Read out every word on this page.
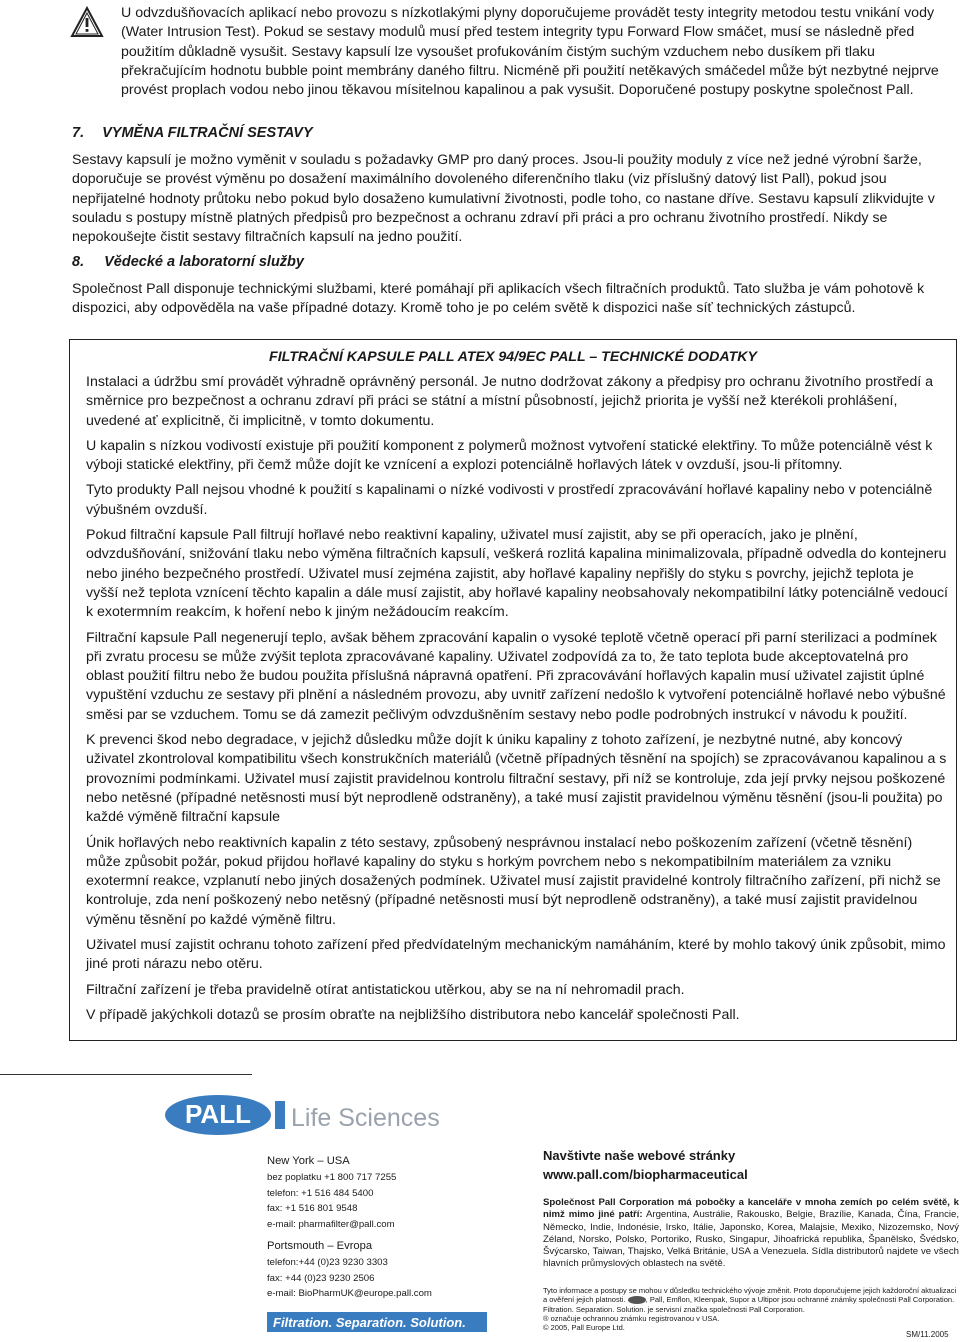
U odvzdušňovacích aplikací nebo provozu s nízkotlakými plyny doporučujeme provádět testy integrity metodou testu vnikání vody (Water Intrusion Test). Pokud se sestavy modulů musí před testem integrity typu Forward Flow smáčet, musí se následně před použitím důkladně vysušit. Sestavy kapsulí lze vysoušet profukováním čistým suchým vzduchem nebo dusíkem při tlaku překračujícím hodnotu bubble point membrány daného filtru. Nicméně při použití netěkavých smáčedel může být nezbytné nejprve provést proplach vodou nebo jinou těkavou mísitelnou kapalinou a pak vysušit. Doporučené postupy poskytne společnost Pall.

7. VYMĚNA FILTRAČNÍ SESTAVY

Sestavy kapsulí je možno vyměnit v souladu s požadavky GMP pro daný proces. Jsou-li použity moduly z více než jedné výrobní šarže, doporučuje se provést výměnu po dosažení maximálního dovoleného diferenčního tlaku (viz příslušný datový list Pall), pokud jsou nepřijatelné hodnoty průtoku nebo pokud bylo dosaženo kumulativní životnosti, podle toho, co nastane dříve. Sestavu kapsulí zlikvidujte v souladu s postupy místně platných předpisů pro bezpečnost a ochranu zdraví při práci a pro ochranu životního prostředí. Nikdy se nepokoušejte čistit sestavy filtračních kapsulí na jedno použití.

8. Vědecké a laboratorní služby

Společnost Pall disponuje technickými službami, které pomáhají při aplikacích všech filtračních produktů. Tato služba je vám pohotově k dispozici, aby odpověděla na vaše případné dotazy. Kromě toho je po celém světě k dispozici naše síť technických zástupců.

FILTRAČNÍ KAPSULE PALL ATEX 94/9EC PALL – TECHNICKÉ DODATKY

Instalaci a údržbu smí provádět výhradně oprávněný personál. Je nutno dodržovat zákony a předpisy pro ochranu životního prostředí a směrnice pro bezpečnost a ochranu zdraví při práci se státní a místní působností, jejichž priorita je vyšší než kterékoli prohlášení, uvedené ať explicitně, či implicitně, v tomto dokumentu.

U kapalin s nízkou vodivostí existuje při použití komponent z polymerů možnost vytvoření statické elektřiny. To může potenciálně vést k výboji statické elektřiny, při čemž může dojít ke vznícení a explozi potenciálně hořlavých látek v ovzduší, jsou-li přítomny.

Tyto produkty Pall nejsou vhodné k použití s kapalinami o nízké vodivosti v prostředí zpracovávání hořlavé kapaliny nebo v potenciálně výbušném ovzduší.

Pokud filtrační kapsule Pall filtrují hořlavé nebo reaktivní kapaliny, uživatel musí zajistit, aby se při operacích, jako je plnění, odvzdušňování, snižování tlaku nebo výměna filtračních kapsulí, veškerá rozlitá kapalina minimalizovala, případně odvedla do kontejneru nebo jiného bezpečného prostředí. Uživatel musí zejména zajistit, aby hořlavé kapaliny nepřišly do styku s povrchy, jejichž teplota je vyšší než teplota vznícení těchto kapalin a dále musí zajistit, aby hořlavé kapaliny neobsahovaly nekompatibilní látky potenciálně vedoucí k exotermním reakcím, k hoření nebo k jiným nežádoucím reakcím.

Filtrační kapsule Pall negenerují teplo, avšak během zpracování kapalin o vysoké teplotě včetně operací při parní sterilizaci a podmínek při zvratu procesu se může zvýšit teplota zpracovávané kapaliny. Uživatel zodpovídá za to, že tato teplota bude akceptovatelná pro oblast použití filtru nebo že budou použita příslušná nápravná opatření. Při zpracovávání hořlavých kapalin musí uživatel zajistit úplné vypuštění vzduchu ze sestavy při plnění a následném provozu, aby uvnitř zařízení nedošlo k vytvoření potenciálně hořlavé nebo výbušné směsi par se vzduchem. Tomu se dá zamezit pečlivým odvzdušněním sestavy nebo podle podrobných instrukcí v návodu k použití.

K prevenci škod nebo degradace, v jejichž důsledku může dojít k úniku kapaliny z tohoto zařízení, je nezbytné nutné, aby koncový uživatel zkontroloval kompatibilitu všech konstrukčních materiálů (včetně případných těsnění na spojích) se zpracovávanou kapalinou a s provozními podmínkami. Uživatel musí zajistit pravidelnou kontrolu filtrační sestavy, při níž se kontroluje, zda její prvky nejsou poškozené nebo netěsné (případné netěsnosti musí být neprodleně odstraněny), a také musí zajistit pravidelnou výměnu těsnění (jsou-li použita) po každé výměně filtrační kapsule

Únik hořlavých nebo reaktivních kapalin z této sestavy, způsobený nesprávnou instalací nebo poškozením zařízení (včetně těsnění) může způsobit požár, pokud přijdou hořlavé kapaliny do styku s horkým povrchem nebo s nekompatibilním materiálem za vzniku exotermní reakce, vzplanutí nebo jiných dosažených podmínek. Uživatel musí zajistit pravidelné kontroly filtračního zařízení, při nichž se kontroluje, zda není poškozený nebo netěsný (případné netěsnosti musí být neprodleně odstraněny), a také musí zajistit pravidelnou výměnu těsnění po každé výměně filtru.

Uživatel musí zajistit ochranu tohoto zařízení před předvídatelným mechanickým namáháním, které by mohlo takový únik způsobit, mimo jiné proti nárazu nebo otěru.

Filtrační zařízení je třeba pravidelně otírat antistatickou utěrkou, aby se na ní nehromadil prach.

V případě jakýchkoli dotazů se prosím obraťte na nejbližšího distributora nebo kancelář společnosti Pall.

PALL Life Sciences
New York – USA
bez poplatku +1 800 717 7255
telefon: +1 516 484 5400
fax: +1 516 801 9548
e-mail: pharmafilter@pall.com
Portsmouth – Evropa
telefon:+44 (0)23 9230 3303
fax: +44 (0)23 9230 2506
e-mail: BioPharmUK@europe.pall.com
Filtration. Separation. Solution.
Navštivte naše webové stránky
www.pall.com/biopharmaceutical
Společnost Pall Corporation má pobočky a kanceláře v mnoha zemích po celém světě, k nimž mimo jiné patří: Argentina, Austrálie, Rakousko, Belgie, Brazílie, Kanada, Čína, Francie, Německo, Indie, Indonésie, Irsko, Itálie, Japonsko, Korea, Malajsie, Mexiko, Nizozemsko, Nový Zéland, Norsko, Polsko, Portoriko, Rusko, Singapur, Jihoafrická republika, Španělsko, Švédsko, Švýcarsko, Taiwan, Thajsko, Velká Británie, USA a Venezuela. Sídla distributorů najdete ve všech hlavních průmyslových oblastech na světě.
Tyto informace a postupy se mohou v důsledku technického vývoje změnit. Proto doporučujeme jejich každoroční aktualizaci a ověření jejich platnosti.	, Pall, Emflon, Kleenpak, Supor a Ultipor jsou ochranné známky společnosti Pall Corporation. Filtration. Separation. Solution. je servisní značka společnosti Pall Corporation.
® označuje ochrannou známku registrovanou v USA.
© 2005, Pall Europe Ltd.
SM/11.2005
